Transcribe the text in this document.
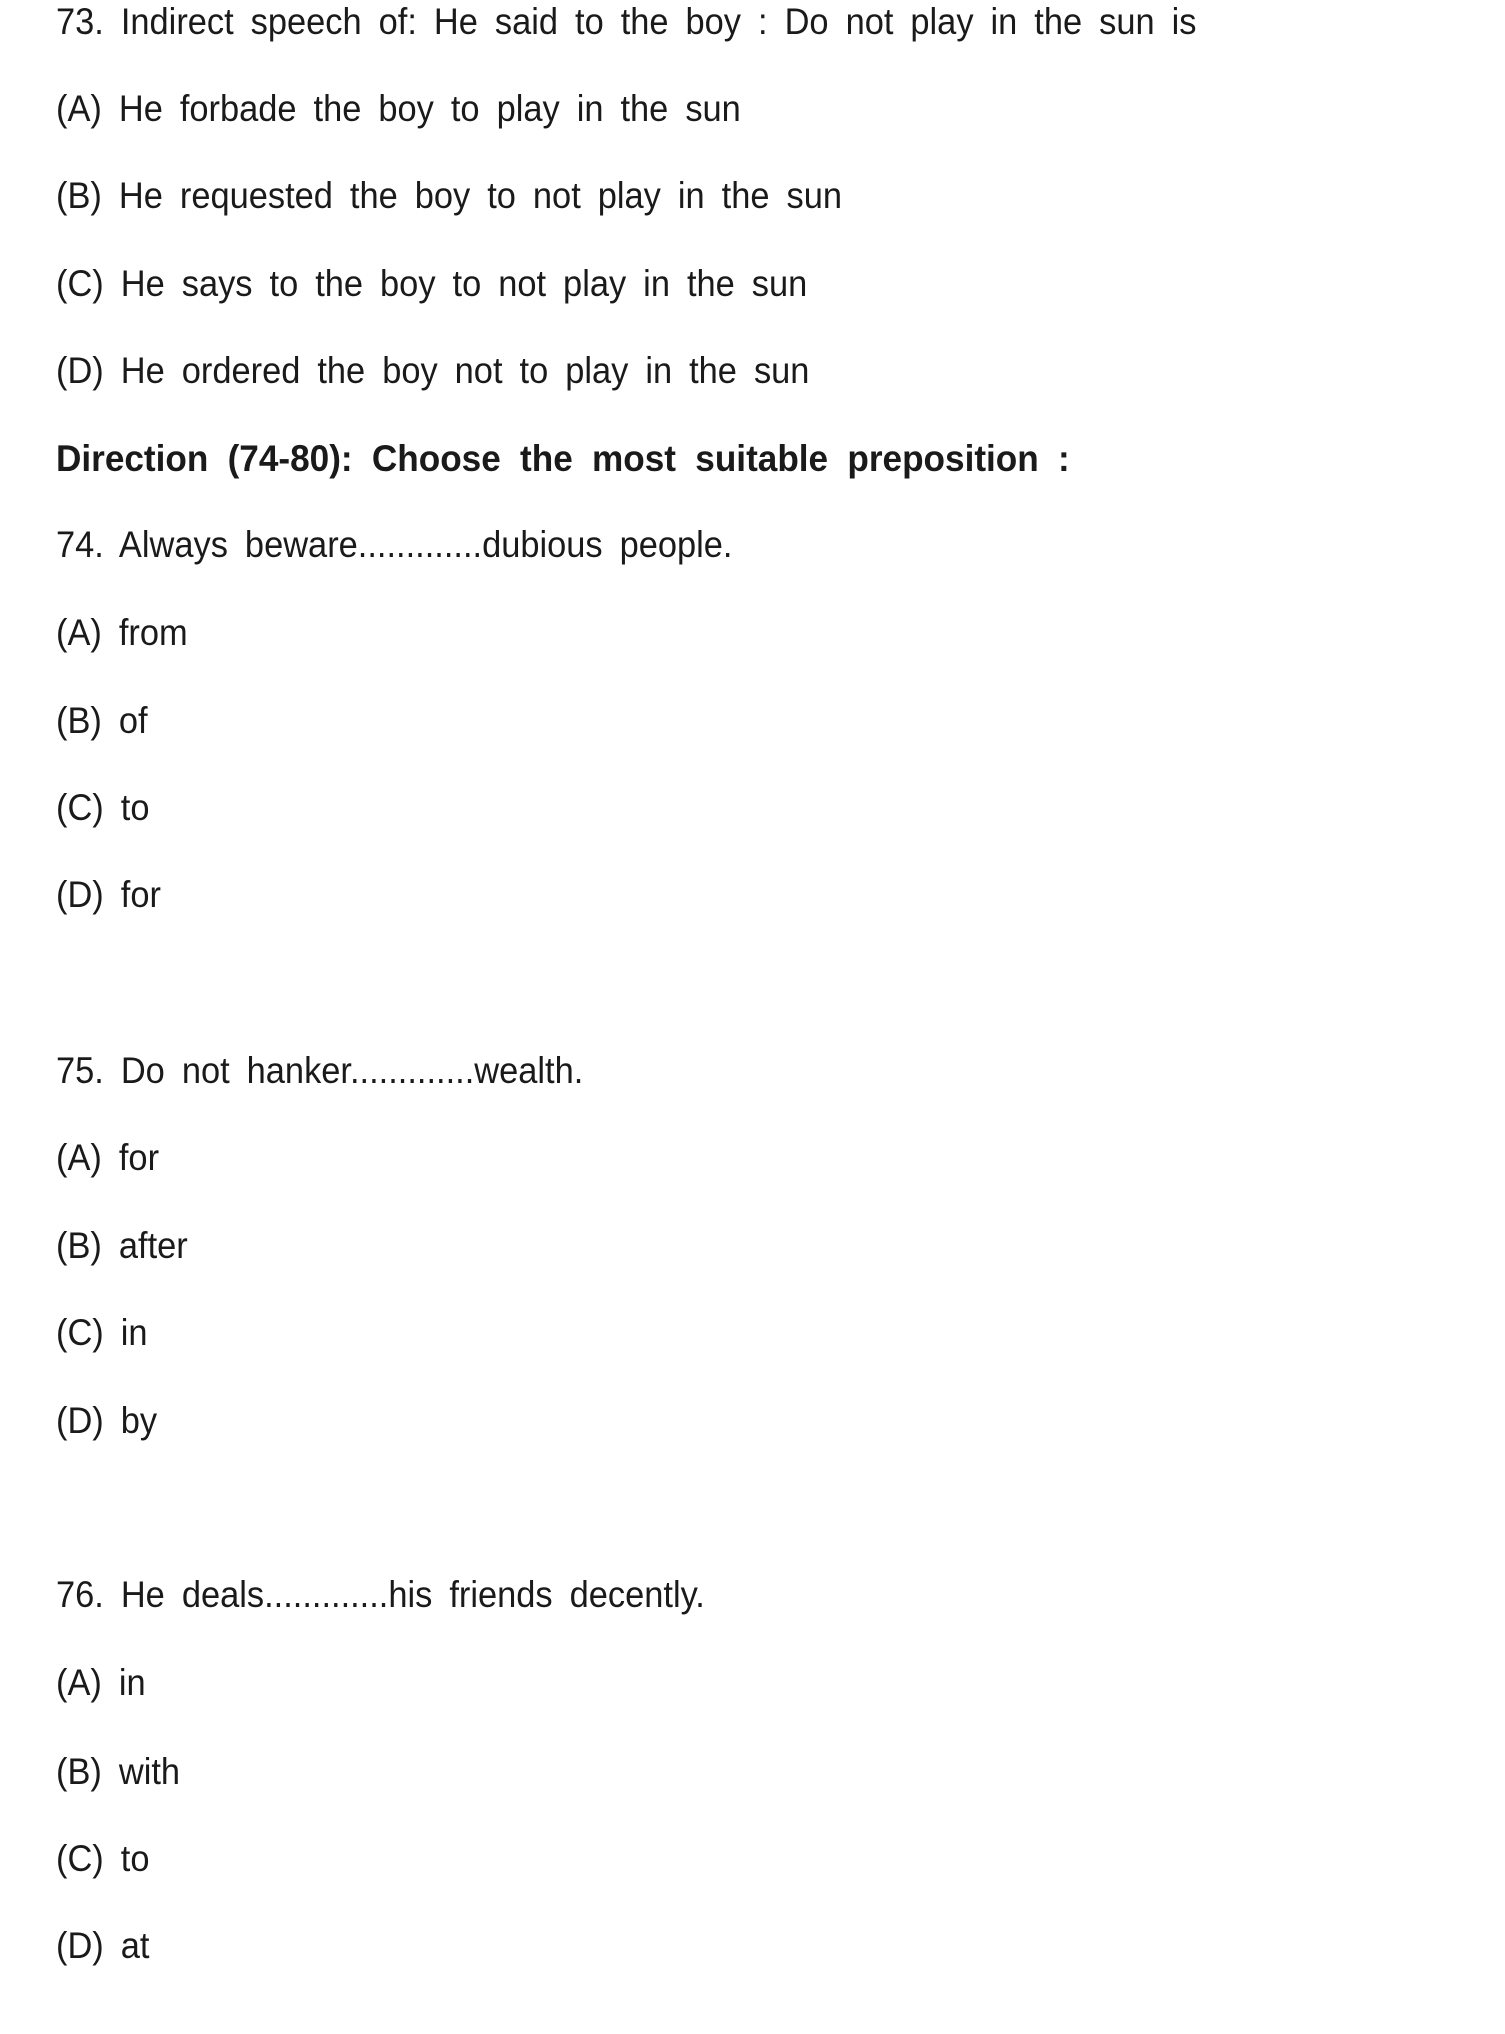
73. Indirect speech of: He said to the boy : Do not play in the sun is
(A) He forbade the boy to play in the sun
(B) He requested the boy to not play in the sun
(C) He says to the boy to not play in the sun
(D) He ordered the boy not to play in the sun
Direction (74-80): Choose the most suitable preposition :
74. Always beware.............dubious people.
(A) from
(B) of
(C) to
(D) for
75. Do not hanker.............wealth.
(A) for
(B) after
(C) in
(D) by
76. He deals.............his friends decently.
(A) in
(B) with
(C) to
(D) at
